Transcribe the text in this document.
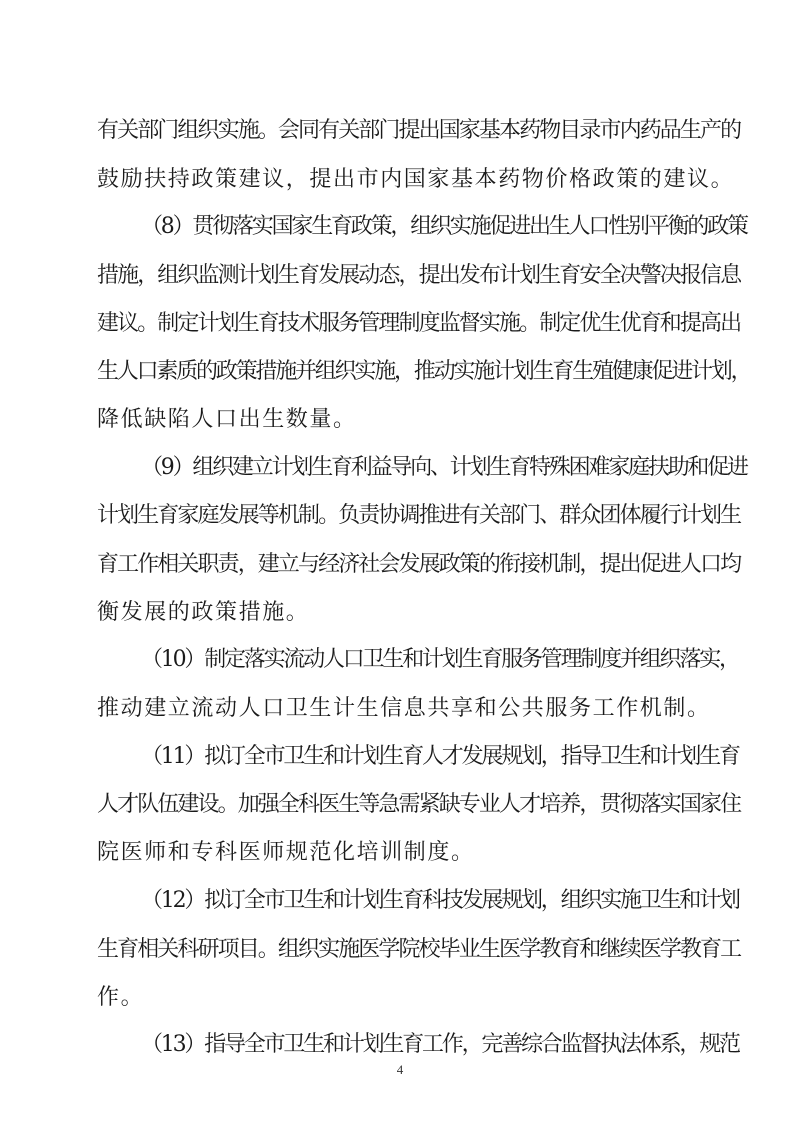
有关部门组织实施。会同有关部门提出国家基本药物目录市内药品生产的
鼓励扶持政策建议，提出市内国家基本药物价格政策的建议。
（8）贯彻落实国家生育政策，组织实施促进出生人口性别平衡的政策
措施，组织监测计划生育发展动态，提出发布计划生育安全决警决报信息
建议。制定计划生育技术服务管理制度监督实施。制定优生优育和提高出
生人口素质的政策措施并组织实施，推动实施计划生育生殖健康促进计划，
降低缺陷人口出生数量。
（9）组织建立计划生育利益导向、计划生育特殊困难家庭扶助和促进
计划生育家庭发展等机制。负责协调推进有关部门、群众团体履行计划生
育工作相关职责，建立与经济社会发展政策的衔接机制，提出促进人口均
衡发展的政策措施。
（10）制定落实流动人口卫生和计划生育服务管理制度并组织落实，
推动建立流动人口卫生计生信息共享和公共服务工作机制。
（11）拟订全市卫生和计划生育人才发展规划，指导卫生和计划生育
人才队伍建设。加强全科医生等急需紧缺专业人才培养，贯彻落实国家住
院医师和专科医师规范化培训制度。
（12）拟订全市卫生和计划生育科技发展规划，组织实施卫生和计划
生育相关科研项目。组织实施医学院校毕业生医学教育和继续医学教育工
作。
（13）指导全市卫生和计划生育工作，完善综合监督执法体系，规范
4
